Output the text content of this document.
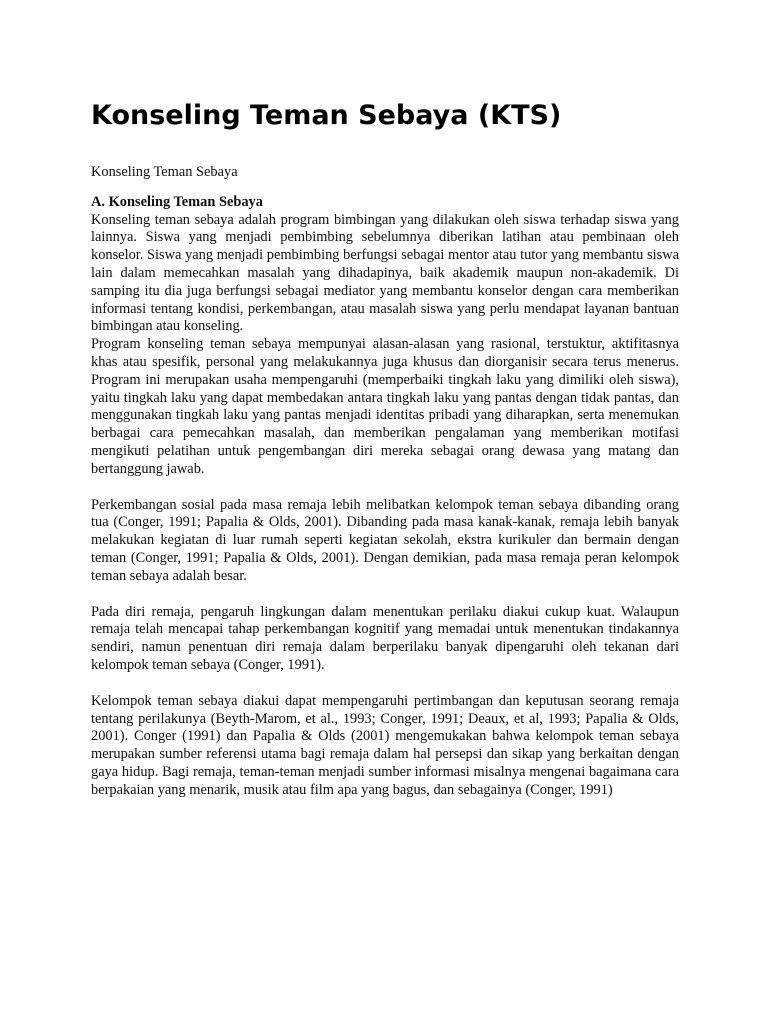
Konseling Teman Sebaya (KTS)

Konseling Teman Sebaya

A. Konseling Teman Sebaya

Konseling teman sebaya adalah program bimbingan yang dilakukan oleh siswa terhadap siswa yang lainnya. Siswa yang menjadi pembimbing sebelumnya diberikan latihan atau pembinaan oleh konselor. Siswa yang menjadi pembimbing berfungsi sebagai mentor atau tutor yang membantu siswa lain dalam memecahkan masalah yang dihadapinya, baik akademik maupun non-akademik. Di samping itu dia juga berfungsi sebagai mediator yang membantu konselor dengan cara memberikan informasi tentang kondisi, perkembangan, atau masalah siswa yang perlu mendapat layanan bantuan bimbingan atau konseling.

Program konseling teman sebaya mempunyai alasan-alasan yang rasional, terstuktur, aktifitasnya khas atau spesifik, personal yang melakukannya juga khusus dan diorganisir secara terus menerus. Program ini merupakan usaha mempengaruhi (memperbaiki tingkah laku yang dimiliki oleh siswa), yaitu tingkah laku yang dapat membedakan antara tingkah laku yang pantas dengan tidak pantas, dan menggunakan tingkah laku yang pantas menjadi identitas pribadi yang diharapkan, serta menemukan berbagai cara pemecahkan masalah, dan memberikan pengalaman yang memberikan motifasi mengikuti pelatihan untuk pengembangan diri mereka sebagai orang dewasa yang matang dan bertanggung jawab.

Perkembangan sosial pada masa remaja lebih melibatkan kelompok teman sebaya dibanding orang tua (Conger, 1991; Papalia & Olds, 2001). Dibanding pada masa kanak-kanak, remaja lebih banyak melakukan kegiatan di luar rumah seperti kegiatan sekolah, ekstra kurikuler dan bermain dengan teman (Conger, 1991; Papalia & Olds, 2001). Dengan demikian, pada masa remaja peran kelompok teman sebaya adalah besar.

Pada diri remaja, pengaruh lingkungan dalam menentukan perilaku diakui cukup kuat. Walaupun remaja telah mencapai tahap perkembangan kognitif yang memadai untuk menentukan tindakannya sendiri, namun penentuan diri remaja dalam berperilaku banyak dipengaruhi oleh tekanan dari kelompok teman sebaya (Conger, 1991).

Kelompok teman sebaya diakui dapat mempengaruhi pertimbangan dan keputusan seorang remaja tentang perilakunya (Beyth-Marom, et al., 1993; Conger, 1991; Deaux, et al, 1993; Papalia & Olds, 2001). Conger (1991) dan Papalia & Olds (2001) mengemukakan bahwa kelompok teman sebaya merupakan sumber referensi utama bagi remaja dalam hal persepsi dan sikap yang berkaitan dengan gaya hidup. Bagi remaja, teman-teman menjadi sumber informasi misalnya mengenai bagaimana cara berpakaian yang menarik, musik atau film apa yang bagus, dan sebagainya (Conger, 1991)
